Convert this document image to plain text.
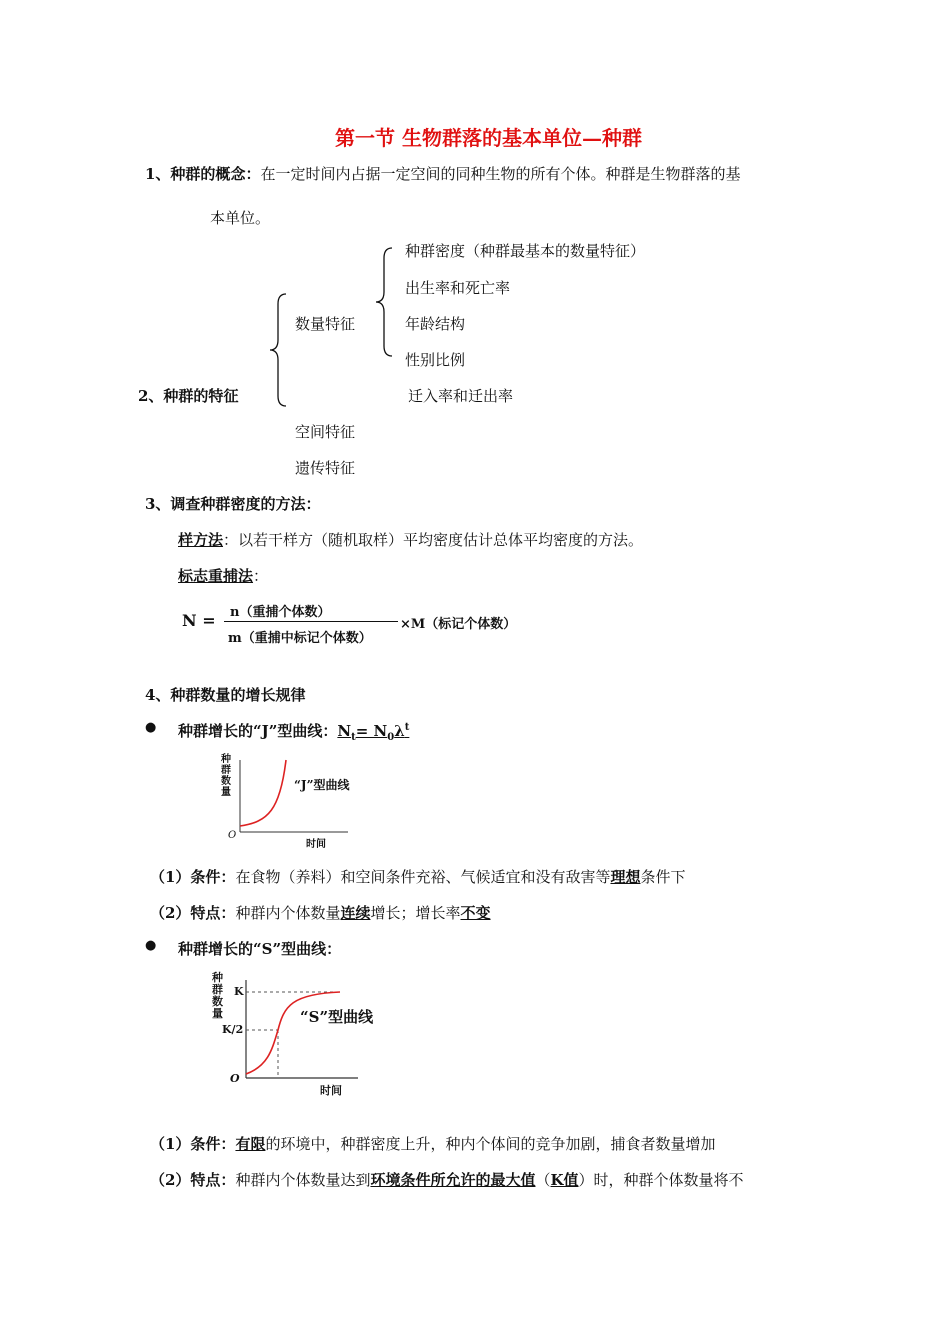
第一节 生物群落的基本单位—种群
1、种群的概念：在一定时间内占据一定空间的同种生物的所有个体。种群是生物群落的基
本单位。
种群密度（种群最基本的数量特征）
出生率和死亡率
数量特征	年龄结构
性别比例
2、种群的特征	迁入率和迁出率
空间特征
遗传特征
3、调查种群密度的方法：
样方法：以若干样方（随机取样）平均密度估计总体平均密度的方法。
标志重捕法：
N = n（重捕个体数）
m（重捕中标记个体数）
×M（标记个体数）
4、种群数量的增长规律
● 种群增长的“J”型曲线：$N_t= N_0\lambda^t$
种
群
数
量
O
时间
“J”型曲线
（1）条件：在食物（养料）和空间条件充裕、气候适宜和没有敌害等理想条件下
（2）特点：种群内个体数量连续增长；增长率不变
● 种群增长的“S”型曲线：
种
群
数
量
K
K/2
O
时间
“S”型曲线
（1）条件：有限的环境中，种群密度上升，种内个体间的竞争加剧，捕食者数量增加
（2）特点：种群内个体数量达到环境条件所允许的最大值（K值）时，种群个体数量将不
